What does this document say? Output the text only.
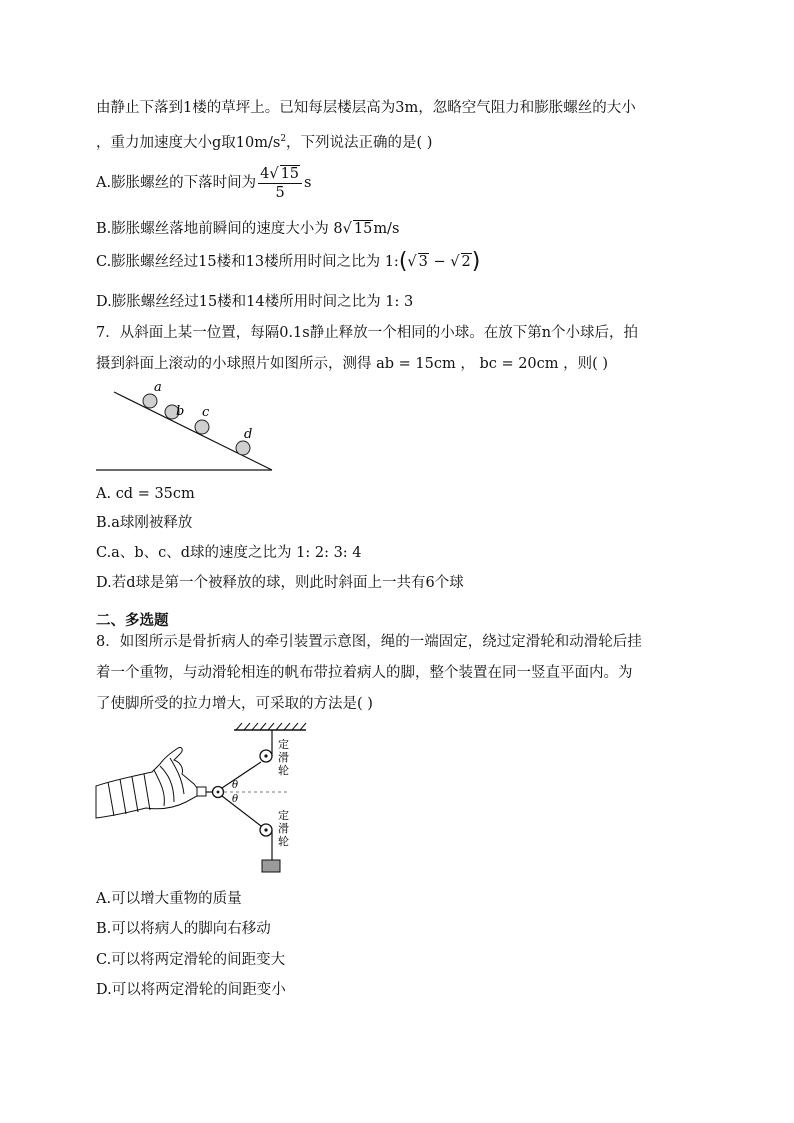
由静止下落到1楼的草坪上。已知每层楼层高为3m，忽略空气阻力和膨胀螺丝的大小
，重力加速度大小g取$10m/s^2$，下列说法正确的是( )
A.膨胀螺丝的下落时间为 $\frac{4√ 15}{5}$ s
B.膨胀螺丝落地前瞬间的速度大小为 8√ 15m/s
C.膨胀螺丝经过15楼和13楼所用时间之比为 1:(√ 3 − √ 2)
D.膨胀螺丝经过15楼和14楼所用时间之比为 1: 3
7．从斜面上某一位置，每隔0.1s静止释放一个相同的小球。在放下第n个小球后，拍
摄到斜面上滚动的小球照片如图所示，测得 ab = 15cm ， bc = 20cm ，则( )
a
b c
d
A. cd = 35cm
B.a球刚被释放
C.a、b、c、d球的速度之比为 1: 2: 3: 4
D.若d球是第一个被释放的球，则此时斜面上一共有6个球
二、多选题
8．如图所示是骨折病人的牵引装置示意图，绳的一端固定，绕过定滑轮和动滑轮后挂
着一个重物，与动滑轮相连的帆布带拉着病人的脚，整个装置在同一竖直平面内。为
了使脚所受的拉力增大，可采取的方法是( )
θ
θ
定
滑
轮
定
滑
轮
A.可以增大重物的质量
B.可以将病人的脚向右移动
C.可以将两定滑轮的间距变大
D.可以将两定滑轮的间距变小
